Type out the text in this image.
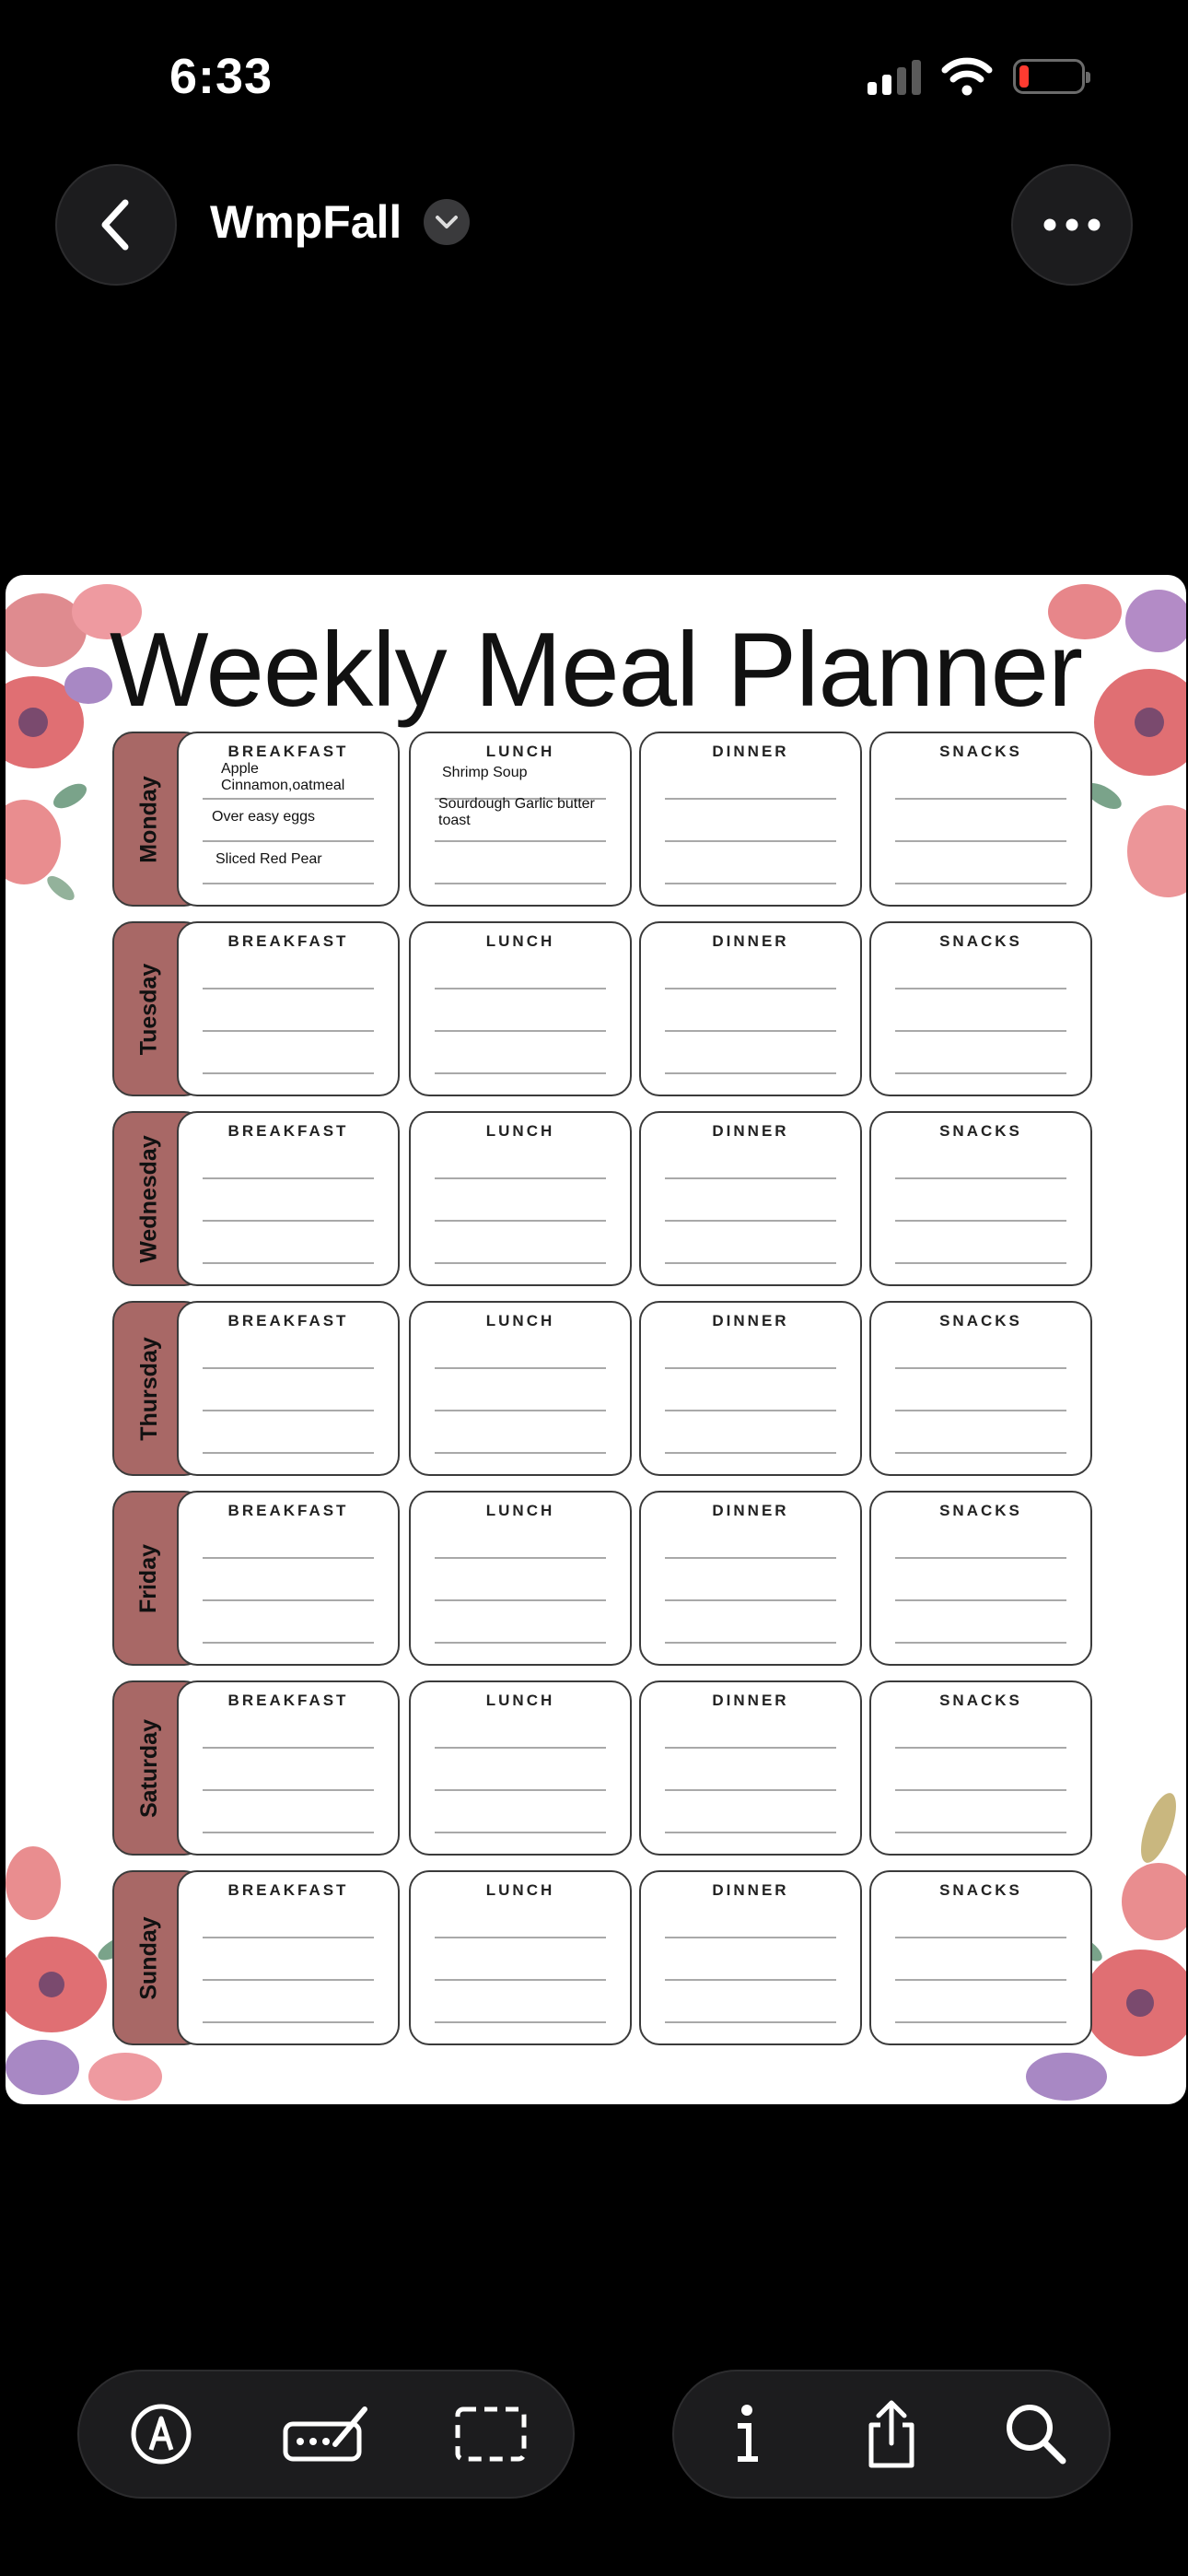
6:33
WmpFall
Weekly Meal Planner
Monday
BREAKFAST
Apple Cinnamon,oatmeal
Over easy eggs
Sliced Red Pear
LUNCH
Shrimp Soup
Sourdough Garlic butter toast
DINNER	SNACKS
Tuesday
BREAKFAST	LUNCH	DINNER	SNACKS
Wednesday
BREAKFAST	LUNCH	DINNER	SNACKS
Thursday
BREAKFAST	LUNCH	DINNER	SNACKS
Friday
BREAKFAST	LUNCH	DINNER	SNACKS
Saturday
BREAKFAST	LUNCH	DINNER	SNACKS
Sunday
BREAKFAST	LUNCH	DINNER	SNACKS
